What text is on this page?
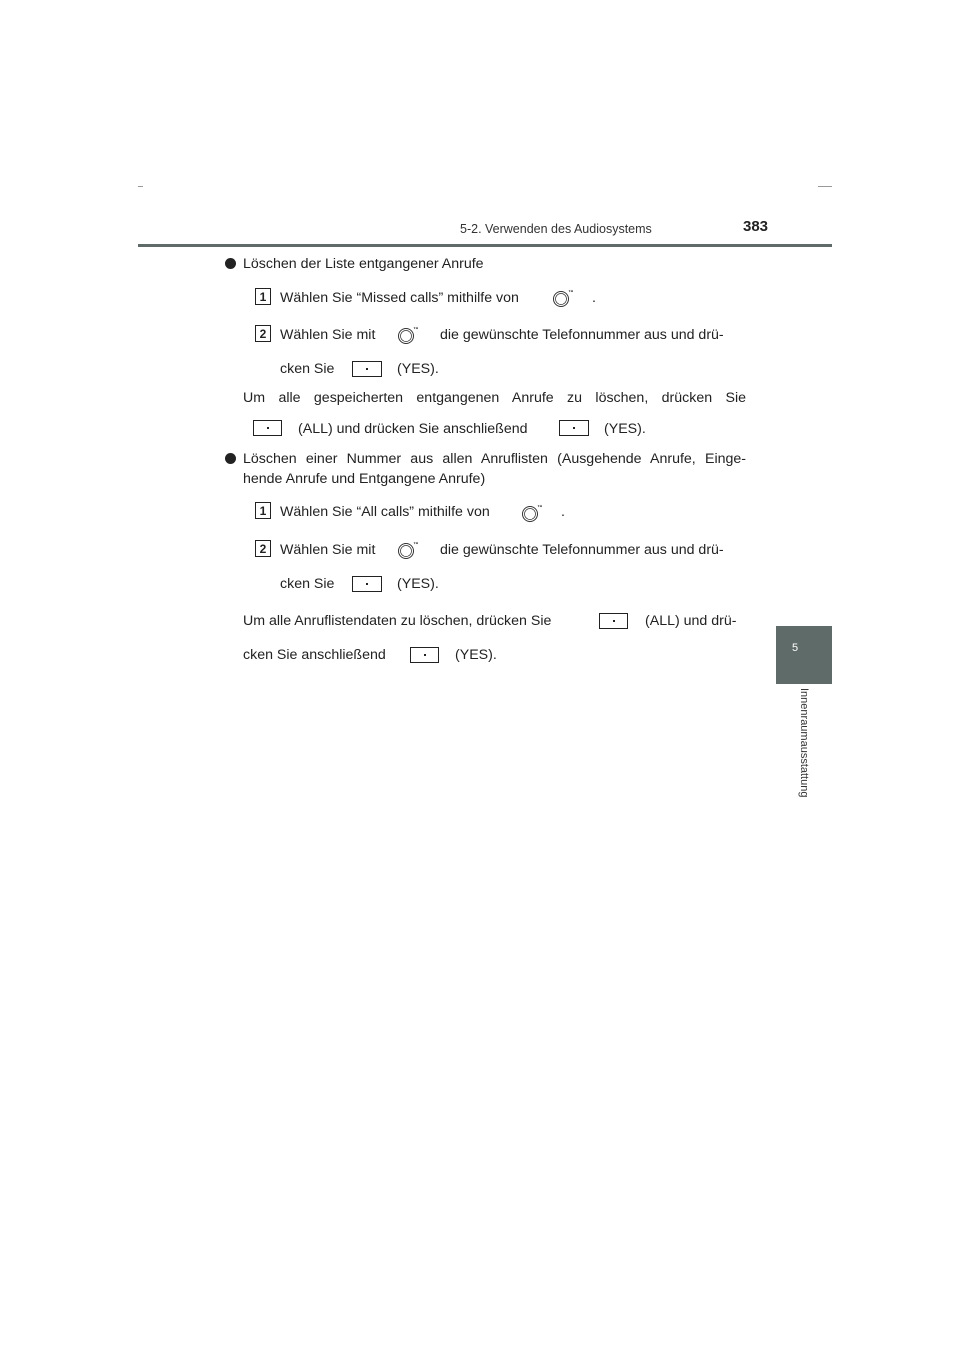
5-2. Verwenden des Audiosystems	383
5
Innenraumausstattung
Löschen der Liste entgangener Anrufe
1 Wählen Sie “Missed calls” mithilfe von	.
2 Wählen Sie mit	die gewünschte Telefonnummer aus und drü-
cken Sie	(YES).
Um alle gespeicherten entgangenen Anrufe zu löschen, drücken Sie
(ALL) und drücken Sie anschließend	(YES).
Löschen einer Nummer aus allen Anruflisten (Ausgehende Anrufe, Einge-
hende Anrufe und Entgangene Anrufe)
1 Wählen Sie “All calls” mithilfe von	.
2 Wählen Sie mit	die gewünschte Telefonnummer aus und drü-
cken Sie	(YES).
Um alle Anruflistendaten zu löschen, drücken Sie	(ALL) und drü-
cken Sie anschließend	(YES).
